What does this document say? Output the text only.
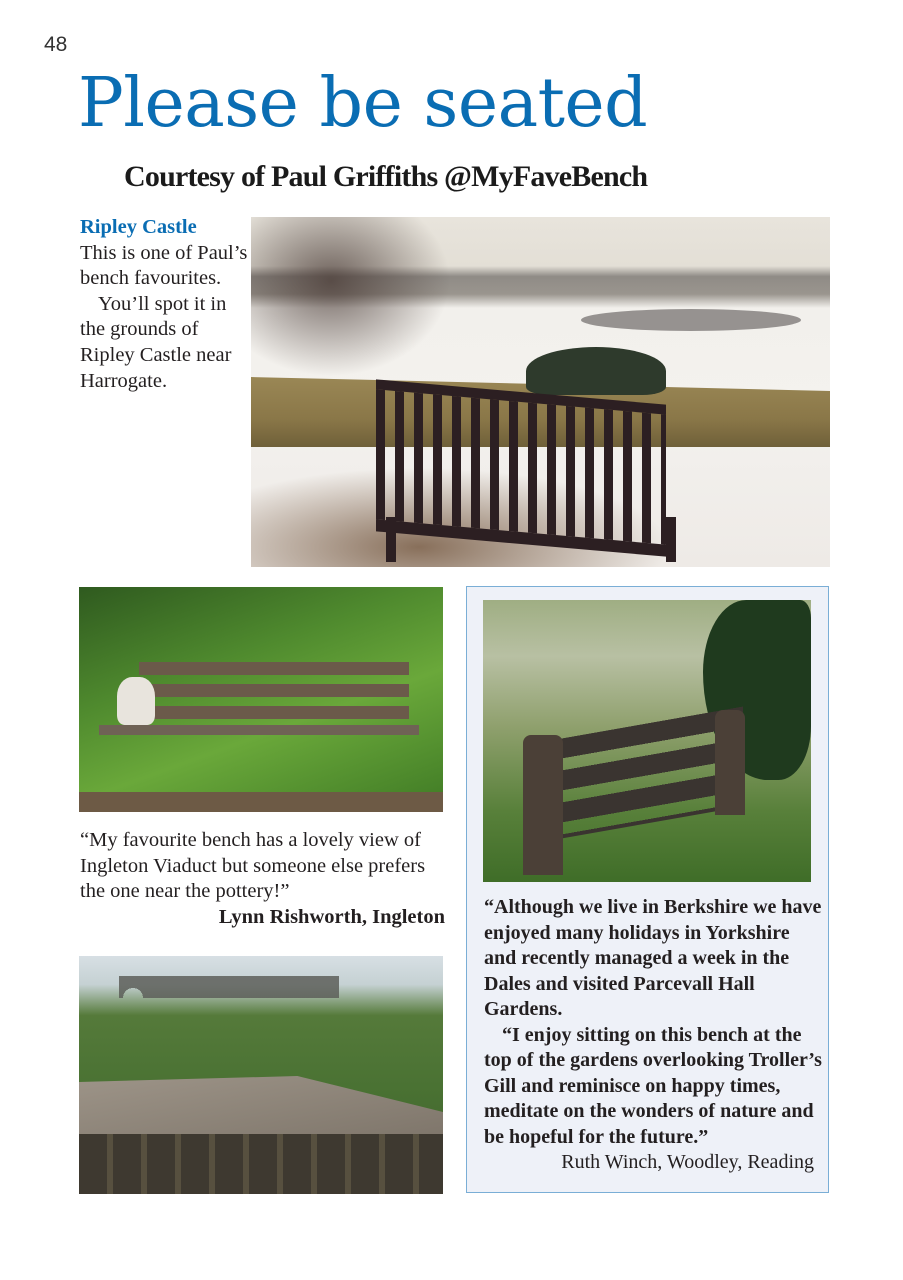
48
Please be seated
Courtesy of Paul Griffiths @MyFaveBench
Ripley Castle

This is one of Paul’s bench favourites.

You’ll spot it in the grounds of Ripley Castle near Harrogate.

“My favourite bench has a lovely view of Ingleton Viaduct but someone else prefers the one near the pottery!”

Lynn Rishworth, Ingleton “Although we live in Berkshire we have enjoyed many holidays in Yorkshire and recently managed a week in the Dales and visited Parcevall Hall Gardens.

“I enjoy sitting on this bench at the top of the gardens overlooking Troller’s Gill and reminisce on happy times, meditate on the wonders of nature and be hopeful for the future.”

Ruth Winch, Woodley, Reading
